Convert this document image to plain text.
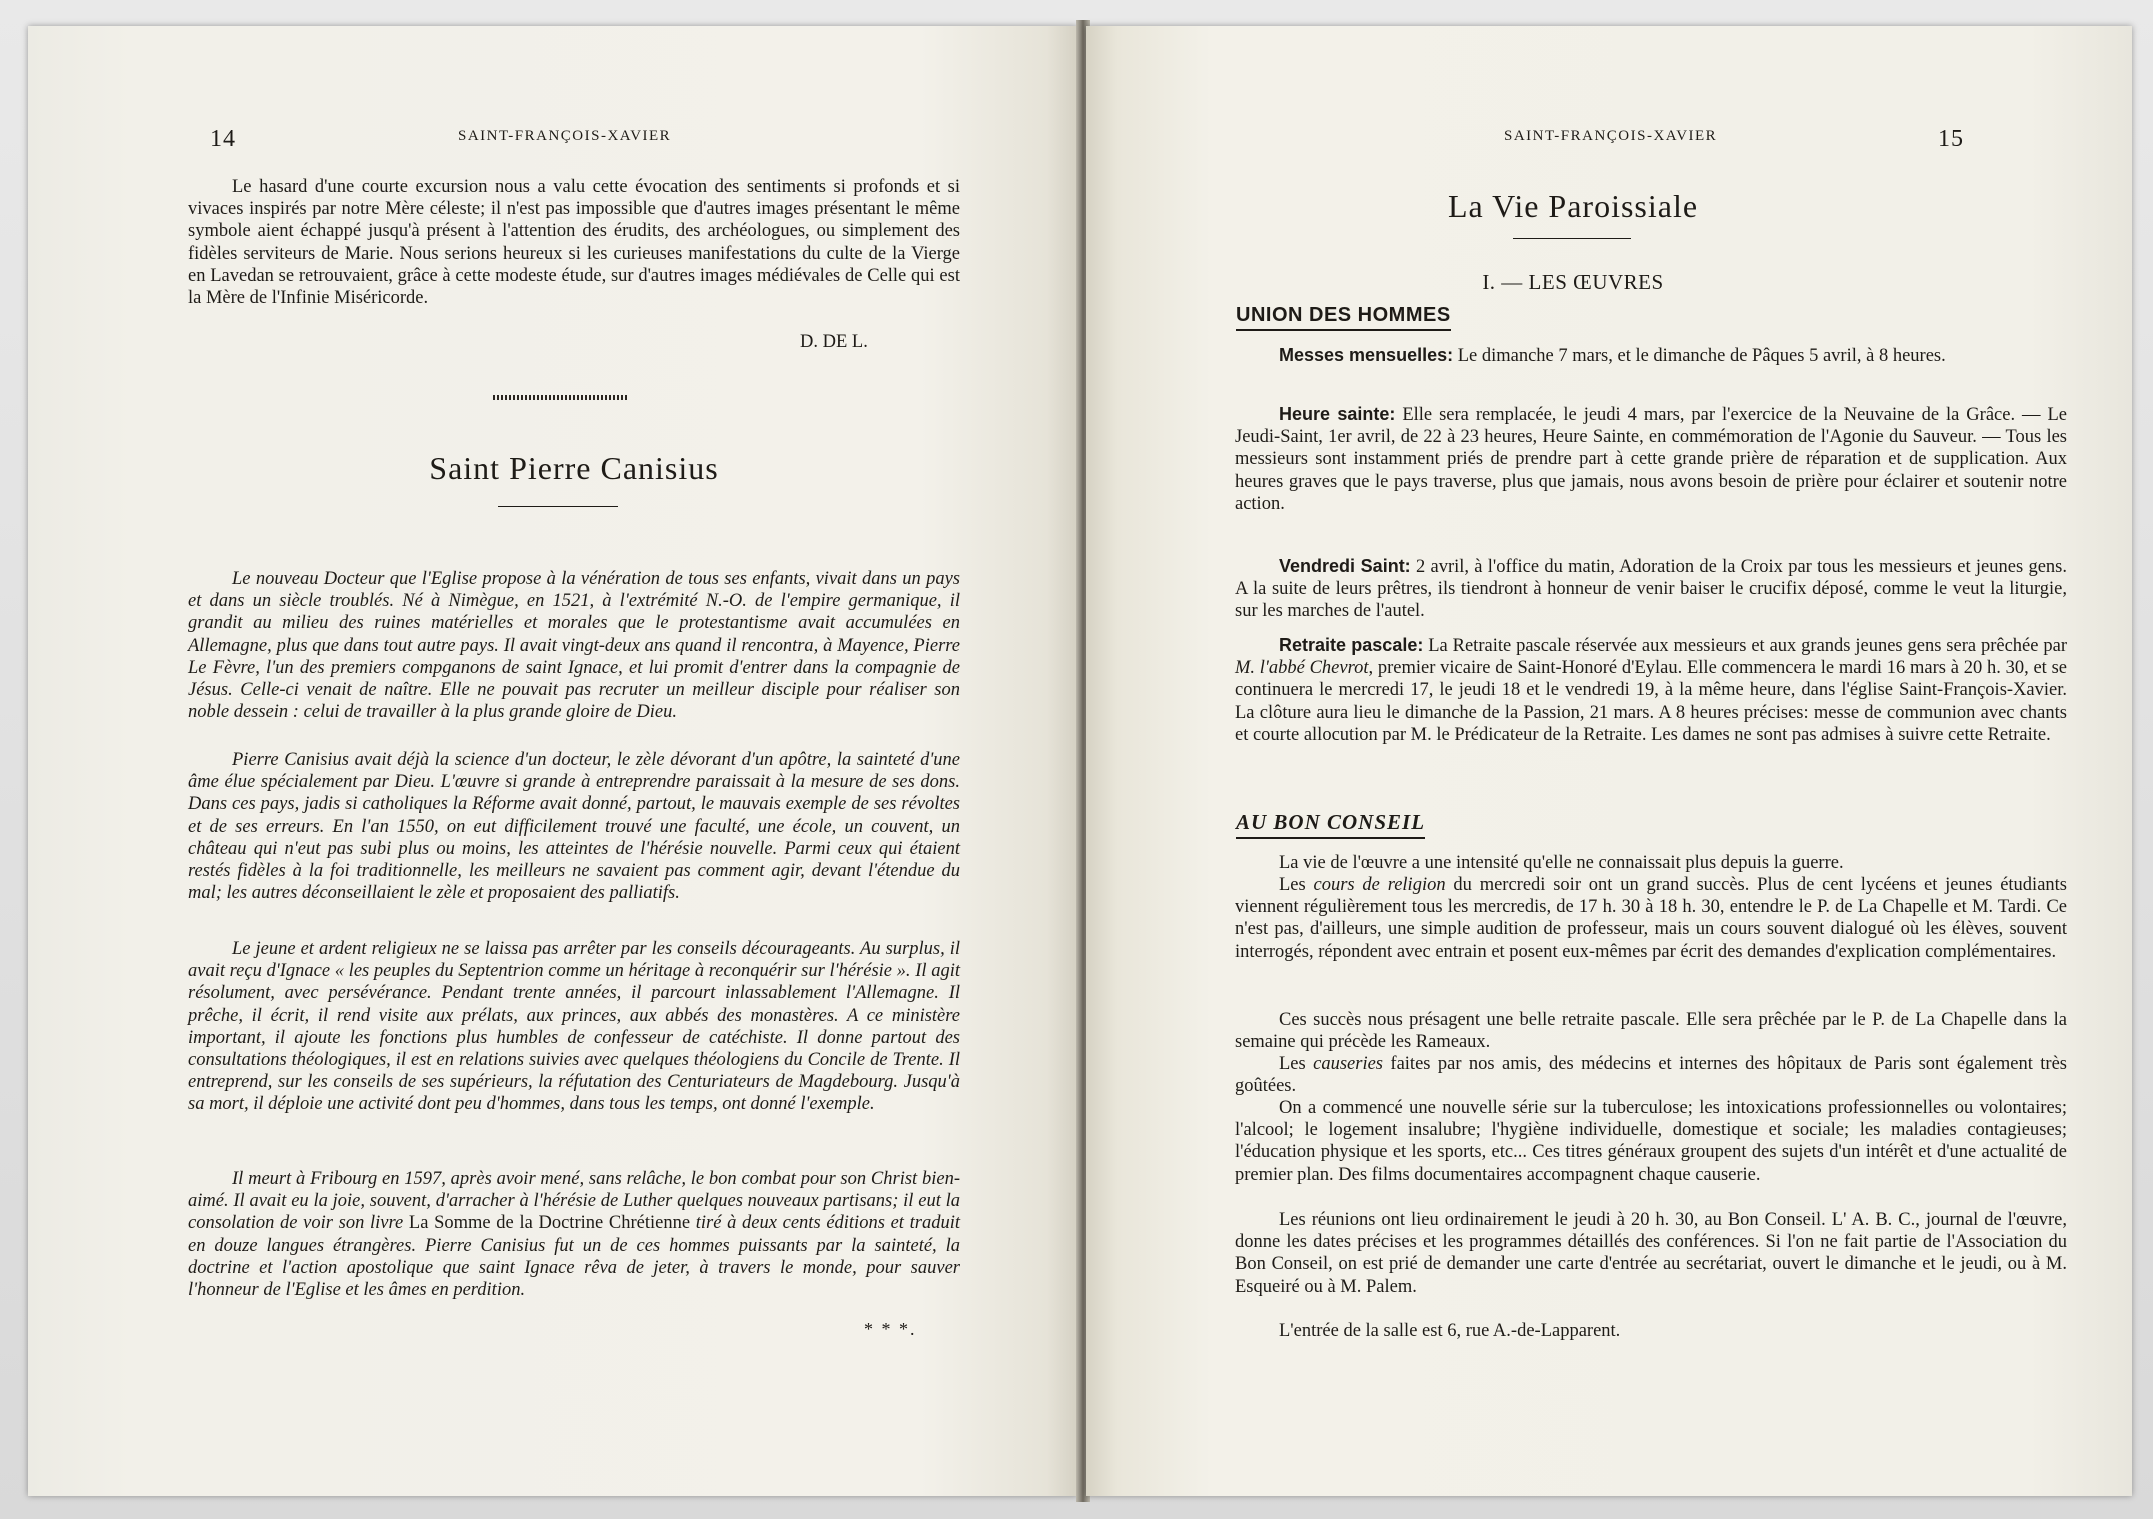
14	SAINT-FRANÇOIS-XAVIER

Le hasard d'une courte excursion nous a valu cette évocation des sentiments si profonds et si vivaces inspirés par notre Mère céleste; il n'est pas impossible que d'autres images présentant le même symbole aient échappé jusqu'à présent à l'attention des érudits, des archéologues, ou simplement des fidèles serviteurs de Marie. Nous serions heureux si les curieuses manifestations du culte de la Vierge en Lavedan se retrouvaient, grâce à cette modeste étude, sur d'autres images médiévales de Celle qui est la Mère de l'Infinie Miséricorde.

D. DE L.
Saint Pierre Canisius

Le nouveau Docteur que l'Eglise propose à la vénération de tous ses enfants, vivait dans un pays et dans un siècle troublés. Né à Nimègue, en 1521, à l'extrémité N.-O. de l'empire germanique, il grandit au milieu des ruines matérielles et morales que le protestantisme avait accumulées en Allemagne, plus que dans tout autre pays. Il avait vingt-deux ans quand il rencontra, à Mayence, Pierre Le Fèvre, l'un des premiers compganons de saint Ignace, et lui promit d'entrer dans la compagnie de Jésus. Celle-ci venait de naître. Elle ne pouvait pas recruter un meilleur disciple pour réaliser son noble dessein : celui de travailler à la plus grande gloire de Dieu.

Pierre Canisius avait déjà la science d'un docteur, le zèle dévorant d'un apôtre, la sainteté d'une âme élue spécialement par Dieu. L'œuvre si grande à entreprendre paraissait à la mesure de ses dons. Dans ces pays, jadis si catholiques la Réforme avait donné, partout, le mauvais exemple de ses révoltes et de ses erreurs. En l'an 1550, on eut difficilement trouvé une faculté, une école, un couvent, un château qui n'eut pas subi plus ou moins, les atteintes de l'hérésie nouvelle. Parmi ceux qui étaient restés fidèles à la foi traditionnelle, les meilleurs ne savaient pas comment agir, devant l'étendue du mal; les autres déconseillaient le zèle et proposaient des palliatifs.

Le jeune et ardent religieux ne se laissa pas arrêter par les conseils décourageants. Au surplus, il avait reçu d'Ignace « les peuples du Septentrion comme un héritage à reconquérir sur l'hérésie ». Il agit résolument, avec persévérance. Pendant trente années, il parcourt inlassablement l'Allemagne. Il prêche, il écrit, il rend visite aux prélats, aux princes, aux abbés des monastères. A ce ministère important, il ajoute les fonctions plus humbles de confesseur de catéchiste. Il donne partout des consultations théologiques, il est en relations suivies avec quelques théologiens du Concile de Trente. Il entreprend, sur les conseils de ses supérieurs, la réfutation des Centuriateurs de Magdebourg. Jusqu'à sa mort, il déploie une activité dont peu d'hommes, dans tous les temps, ont donné l'exemple.

Il meurt à Fribourg en 1597, après avoir mené, sans relâche, le bon combat pour son Christ bien-aimé. Il avait eu la joie, souvent, d'arracher à l'hérésie de Luther quelques nouveaux partisans; il eut la consolation de voir son livre La Somme de la Doctrine Chrétienne tiré à deux cents éditions et traduit en douze langues étrangères. Pierre Canisius fut un de ces hommes puissants par la sainteté, la doctrine et l'action apostolique que saint Ignace rêva de jeter, à travers le monde, pour sauver l'honneur de l'Eglise et les âmes en perdition.

* * *.
SAINT-FRANÇOIS-XAVIER	15
La Vie Paroissiale
I. — LES ŒUVRES
UNION DES HOMMES

Messes mensuelles: Le dimanche 7 mars, et le dimanche de Pâques 5 avril, à 8 heures.

Heure sainte: Elle sera remplacée, le jeudi 4 mars, par l'exercice de la Neuvaine de la Grâce. — Le Jeudi-Saint, 1er avril, de 22 à 23 heures, Heure Sainte, en commémoration de l'Agonie du Sauveur. — Tous les messieurs sont instamment priés de prendre part à cette grande prière de réparation et de supplication. Aux heures graves que le pays traverse, plus que jamais, nous avons besoin de prière pour éclairer et soutenir notre action.

Vendredi Saint: 2 avril, à l'office du matin, Adoration de la Croix par tous les messieurs et jeunes gens. A la suite de leurs prêtres, ils tiendront à honneur de venir baiser le crucifix déposé, comme le veut la liturgie, sur les marches de l'autel.

Retraite pascale: La Retraite pascale réservée aux messieurs et aux grands jeunes gens sera prêchée par M. l'abbé Chevrot, premier vicaire de Saint-Honoré d'Eylau. Elle commencera le mardi 16 mars à 20 h. 30, et se continuera le mercredi 17, le jeudi 18 et le vendredi 19, à la même heure, dans l'église Saint-François-Xavier. La clôture aura lieu le dimanche de la Passion, 21 mars. A 8 heures précises: messe de communion avec chants et courte allocution par M. le Prédicateur de la Retraite. Les dames ne sont pas admises à suivre cette Retraite.

AU BON CONSEIL

La vie de l'œuvre a une intensité qu'elle ne connaissait plus depuis la guerre.

Les cours de religion du mercredi soir ont un grand succès. Plus de cent lycéens et jeunes étudiants viennent régulièrement tous les mercredis, de 17 h. 30 à 18 h. 30, entendre le P. de La Chapelle et M. Tardi. Ce n'est pas, d'ailleurs, une simple audition de professeur, mais un cours souvent dialogué où les élèves, souvent interrogés, répondent avec entrain et posent eux-mêmes par écrit des demandes d'explication complémentaires.

Ces succès nous présagent une belle retraite pascale. Elle sera prêchée par le P. de La Chapelle dans la semaine qui précède les Rameaux.

Les causeries faites par nos amis, des médecins et internes des hôpitaux de Paris sont également très goûtées.

On a commencé une nouvelle série sur la tuberculose; les intoxications professionnelles ou volontaires; l'alcool; le logement insalubre; l'hygiène individuelle, domestique et sociale; les maladies contagieuses; l'éducation physique et les sports, etc... Ces titres généraux groupent des sujets d'un intérêt et d'une actualité de premier plan. Des films documentaires accompagnent chaque causerie.

Les réunions ont lieu ordinairement le jeudi à 20 h. 30, au Bon Conseil. L' A. B. C., journal de l'œuvre, donne les dates précises et les programmes détaillés des conférences. Si l'on ne fait partie de l'Association du Bon Conseil, on est prié de demander une carte d'entrée au secrétariat, ouvert le dimanche et le jeudi, ou à M. Esqueiré ou à M. Palem.

L'entrée de la salle est 6, rue A.-de-Lapparent.
